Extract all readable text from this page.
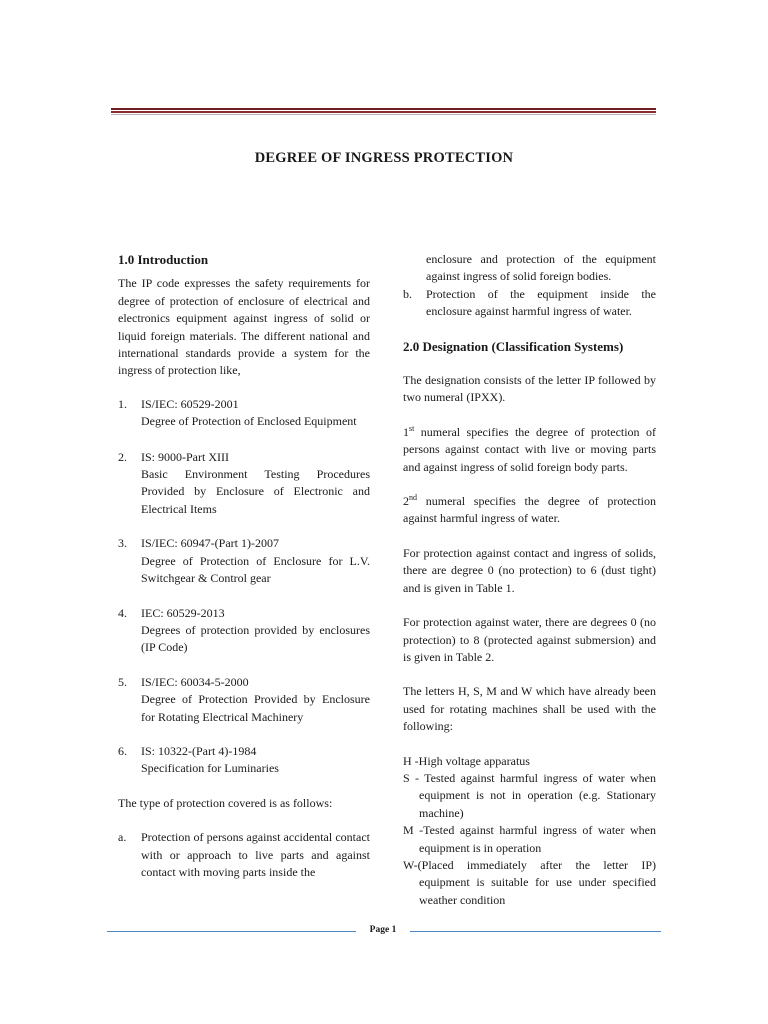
DEGREE OF INGRESS PROTECTION
1.0 Introduction

The IP code expresses the safety requirements for degree of protection of enclosure of electrical and electronics equipment against ingress of solid or liquid foreign materials. The different national and international standards provide a system for the ingress of protection like,

1.	IS/IEC: 60529-2001
Degree of Protection of Enclosed Equipment
2.	IS: 9000-Part XIII
Basic Environment Testing Procedures Provided by Enclosure of Electronic and Electrical Items
3.	IS/IEC: 60947-(Part 1)-2007
Degree of Protection of Enclosure for L.V. Switchgear & Control gear
4.	IEC: 60529-2013
Degrees of protection provided by enclosures (IP Code)
5.	IS/IEC: 60034-5-2000
Degree of Protection Provided by Enclosure for Rotating Electrical Machinery
6.	IS: 10322-(Part 4)-1984
Specification for Luminaries

The type of protection covered is as follows:

a.	Protection of persons against accidental contact with or approach to live parts and against contact with moving parts inside the

enclosure and protection of the equipment against ingress of solid foreign bodies.

b.	Protection of the equipment inside the enclosure against harmful ingress of water.
2.0 Designation (Classification Systems)

The designation consists of the letter IP followed by two numeral (IPXX).

1st numeral specifies the degree of protection of persons against contact with live or moving parts and against ingress of solid foreign body parts.

2nd numeral specifies the degree of protection against harmful ingress of water.

For protection against contact and ingress of solids, there are degree 0 (no protection) to 6 (dust tight) and is given in Table 1.

For protection against water, there are degrees 0 (no protection) to 8 (protected against submersion) and is given in Table 2.

The letters H, S, M and W which have already been used for rotating machines shall be used with the following:

H -High voltage apparatus

S - Tested against harmful ingress of water when equipment is not in operation (e.g. Stationary machine)

M -Tested against harmful ingress of water when equipment is in operation

W-(Placed immediately after the letter IP) equipment is suitable for use under specified weather condition

Page 1
